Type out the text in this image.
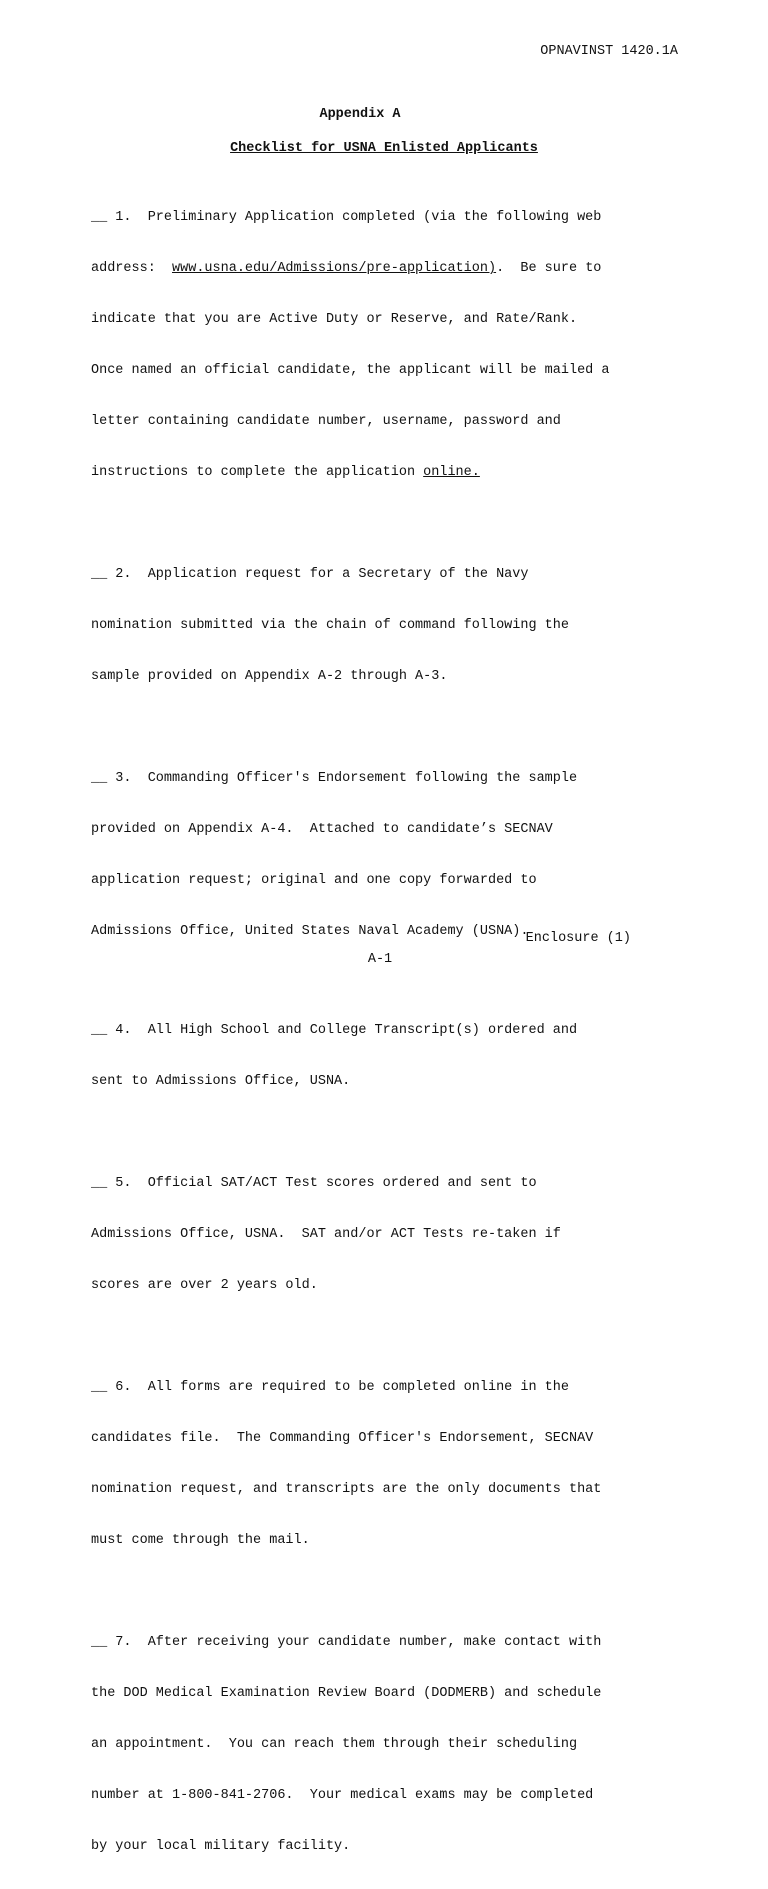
OPNAVINST 1420.1A
Appendix A
Checklist for USNA Enlisted Applicants

__ 1.  Preliminary Application completed (via the following web

address:  www.usna.edu/Admissions/pre-application).  Be sure to

indicate that you are Active Duty or Reserve, and Rate/Rank.

Once named an official candidate, the applicant will be mailed a

letter containing candidate number, username, password and

instructions to complete the application online.

__ 2.  Application request for a Secretary of the Navy

nomination submitted via the chain of command following the

sample provided on Appendix A-2 through A-3.

__ 3.  Commanding Officer's Endorsement following the sample

provided on Appendix A-4.  Attached to candidate’s SECNAV

application request; original and one copy forwarded to

Admissions Office, United States Naval Academy (USNA).

__ 4.  All High School and College Transcript(s) ordered and

sent to Admissions Office, USNA.

__ 5.  Official SAT/ACT Test scores ordered and sent to

Admissions Office, USNA.  SAT and/or ACT Tests re-taken if

scores are over 2 years old.

__ 6.  All forms are required to be completed online in the

candidates file.  The Commanding Officer's Endorsement, SECNAV

nomination request, and transcripts are the only documents that

must come through the mail.

__ 7.  After receiving your candidate number, make contact with

the DOD Medical Examination Review Board (DODMERB) and schedule

an appointment.  You can reach them through their scheduling

number at 1-800-841-2706.  Your medical exams may be completed

by your local military facility.

Enclosure (1)
A-1
